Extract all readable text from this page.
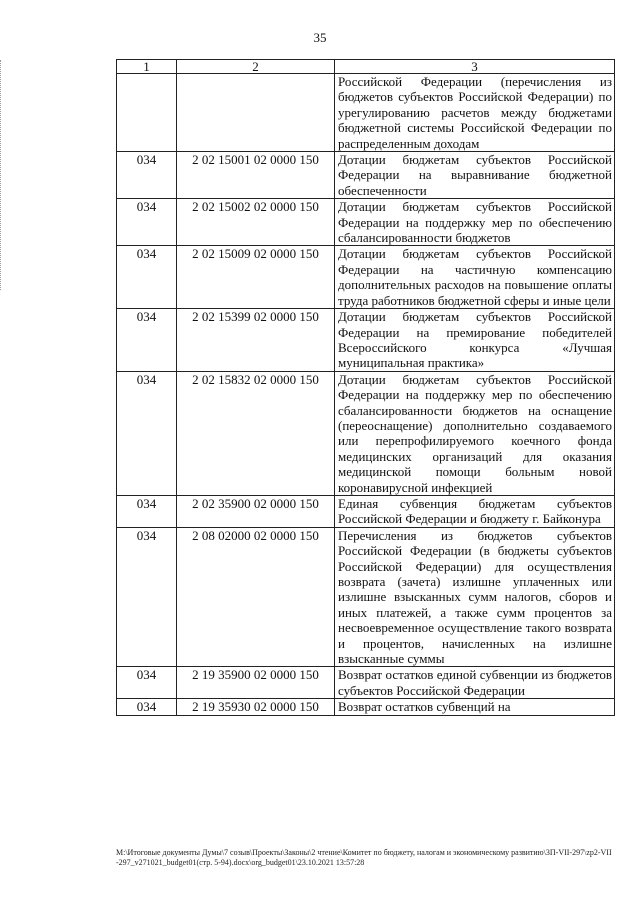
35
1	2	3
		Российской Федерации (перечисления из бюджетов субъектов Российской Федерации) по урегулированию расчетов между бюджетами бюджетной системы Российской Федерации по распределенным доходам
034	2 02 15001 02 0000 150	Дотации бюджетам субъектов Российской Федерации на выравнивание бюджетной обеспеченности
034	2 02 15002 02 0000 150	Дотации бюджетам субъектов Российской Федерации на поддержку мер по обеспечению сбалансированности бюджетов
034	2 02 15009 02 0000 150	Дотации бюджетам субъектов Российской Федерации на частичную компенсацию дополнительных расходов на повышение оплаты труда работников бюджетной сферы и иные цели
034	2 02 15399 02 0000 150	Дотации бюджетам субъектов Российской Федерации на премирование победителей Всероссийского конкурса «Лучшая муниципальная практика»
034	2 02 15832 02 0000 150	Дотации бюджетам субъектов Российской Федерации на поддержку мер по обеспечению сбалансированности бюджетов на оснащение (переоснащение) дополнительно создаваемого или перепрофилируемого коечного фонда медицинских организаций для оказания медицинской помощи больным новой коронавирусной инфекцией
034	2 02 35900 02 0000 150	Единая субвенция бюджетам субъектов Российской Федерации и бюджету г. Байконура
034	2 08 02000 02 0000 150	Перечисления из бюджетов субъектов Российской Федерации (в бюджеты субъектов Российской Федерации) для осуществления возврата (зачета) излишне уплаченных или излишне взысканных сумм налогов, сборов и иных платежей, а также сумм процентов за несвоевременное осуществление такого возврата и процентов, начисленных на излишне взысканные суммы
034	2 19 35900 02 0000 150	Возврат остатков единой субвенции из бюджетов субъектов Российской Федерации
034	2 19 35930 02 0000 150	Возврат остатков субвенций на
M:\Итоговые документы Думы\7 созыв\Проекты\Законы\2 чтение\Комитет по бюджету, налогам и экономическому развитию\3П-VII-297\zp2-VII-297_v271021_budget01(стр. 5-94).docx\org_budget01\23.10.2021 13:57:28
